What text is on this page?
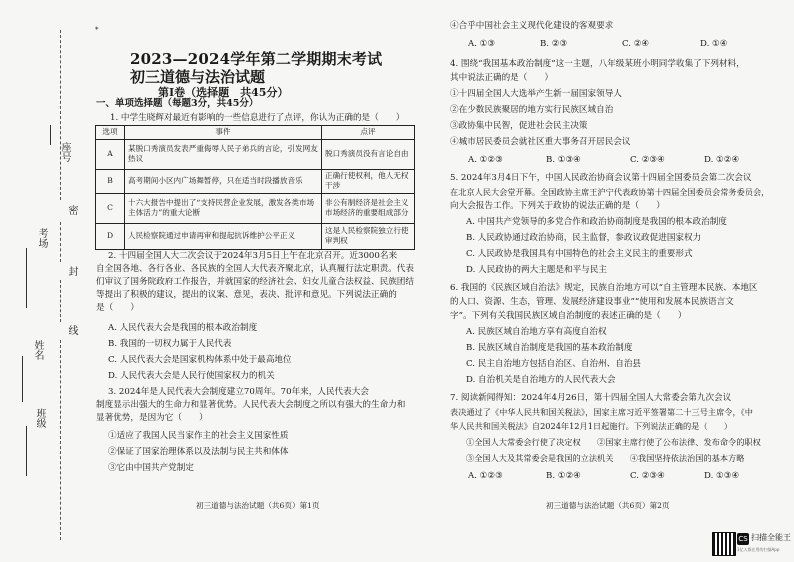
座号
考场
姓名
班级
密
封
线
*
2023—2024学年第二学期期末考试
初三道德与法治试题
第Ⅰ卷（选择题　共45分）
一、单项选择题（每题3分，共45分）
1. 中学生晓辉对最近有影响的一些信息进行了点评，你认为正确的是（　　）
选项	事件	点评
A	某脱口秀演员发表严重侮辱人民子弟兵的言论，引发网友热议	脱口秀演员没有言论自由
B	高考期间小区内广场舞暂停，只在适当时段播放音乐	正确行使权利，他人无权干涉
C	十六大报告中提出了“支持民营企业发展，激发各类市场主体活力”的重大论断	非公有制经济是社会主义市场经济的重要组成部分
D	人民检察院通过申请再审和提起抗诉维护公平正义	这是人民检察院独立行使审判权
2. 十四届全国人大二次会议于2024年3月5日上午在北京召开。近3000名来
自全国各地、各行各业、各民族的全国人大代表齐聚北京，认真履行法定职责。代表
们审议了国务院政府工作报告，并就国家的经济社会、妇女儿童合法权益、民族团结
等提出了积极的建议，提出的议案、意见，表决、批评和意见。下列说法正确的
是（　　）
A. 人民代表大会是我国的根本政治制度
B. 我国的一切权力属于人民代表
C. 人民代表大会是国家机构体系中处于最高地位
D. 人民代表大会是人民行使国家权力的机关
3. 2024年是人民代表大会制度建立70周年。70年来，人民代表大会
制度显示出强大的生命力和显著优势。人民代表大会制度之所以有强大的生命力和
显著优势，是因为它（　　）
①适应了我国人民当家作主的社会主义国家性质
②保证了国家治理体系以及法制与民主共和体体
③它由中国共产党制定
初三道德与法治试题（共6页）第1页
④合乎中国社会主义现代化建设的客观要求
A. ①③	B. ②③	C. ②④	D. ①④
4. 围绕“我国基本政治制度”这一主题，八年级某班小明同学收集了下列材料，
其中说法正确的是（　　）
①十四届全国人大选举产生新一届国家领导人
②在少数民族聚居的地方实行民族区域自治
③政协集中民智，促进社会民主决策
④城市居民委员会就社区重大事务召开居民会议
A. ①②③	B. ①③④	C. ②③④	D. ①②④
5. 2024年3月4日下午，中国人民政治协商会议第十四届全国委员会第二次会议
在北京人民大会堂开幕。全国政协主席王沪宁代表政协第十四届全国委员会常务委员会，
向大会报告工作。下列关于政协的说法正确的是（　　）
A. 中国共产党领导的多党合作和政治协商制度是我国的根本政治制度
B. 人民政协通过政治协商，民主监督，参政议政促进国家权力
C. 人民政协是我国具有中国特色的社会主义民主的重要形式
D. 人民政协的两大主题是和平与民主
6. 我国的《民族区域自治法》规定，民族自治地方可以“自主管理本民族、本地区
的人口、资源、生态，管理、发展经济建设事业”“使用和发展本民族语言文
字”。下列有关我国民族区域自治制度的表述正确的是（　　）
A. 民族区域自治地方享有高度自治权
B. 民族区域自治制度是我国的基本政治制度
C. 民主自治地方包括自治区、自治州、自治县
D. 自治机关是自治地方的人民代表大会
7. 阅读新闻得知：2024年4月26日，第十四届全国人大常委会第九次会议
表决通过了《中华人民共和国关税法》，国家主席习近平签署第二十三号主席令，《中
华人民共和国关税法》自2024年12月1日起施行。下列说法正确的是（　　）
①全国人大常委会行使了决定权　　②国家主席行使了公布法律、发布命令的职权
③全国人大及其常委会是我国的立法机关　　④我国坚持依法治国的基本方略
A. ①②③	B. ①②④	C. ②③④	D. ①③④
初三道德与法治试题（共6页）第2页
CS 扫描全能王
3亿人都在用的扫描App
